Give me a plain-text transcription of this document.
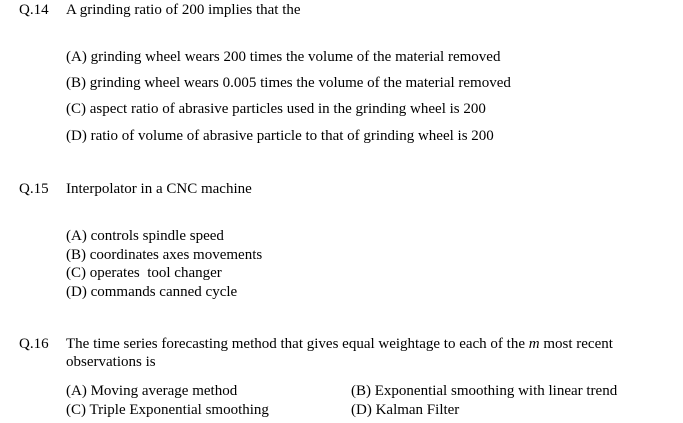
Q.14 A grinding ratio of 200 implies that the
(A) grinding wheel wears 200 times the volume of the material removed
(B) grinding wheel wears 0.005 times the volume of the material removed
(C) aspect ratio of abrasive particles used in the grinding wheel is 200
(D) ratio of volume of abrasive particle to that of grinding wheel is 200
Q.15 Interpolator in a CNC machine
(A) controls spindle speed
(B) coordinates axes movements
(C) operates  tool changer
(D) commands canned cycle
Q.16 The time series forecasting method that gives equal weightage to each of the m most recent
observations is
(A) Moving average method	(B) Exponential smoothing with linear trend
(C) Triple Exponential smoothing	(D) Kalman Filter
